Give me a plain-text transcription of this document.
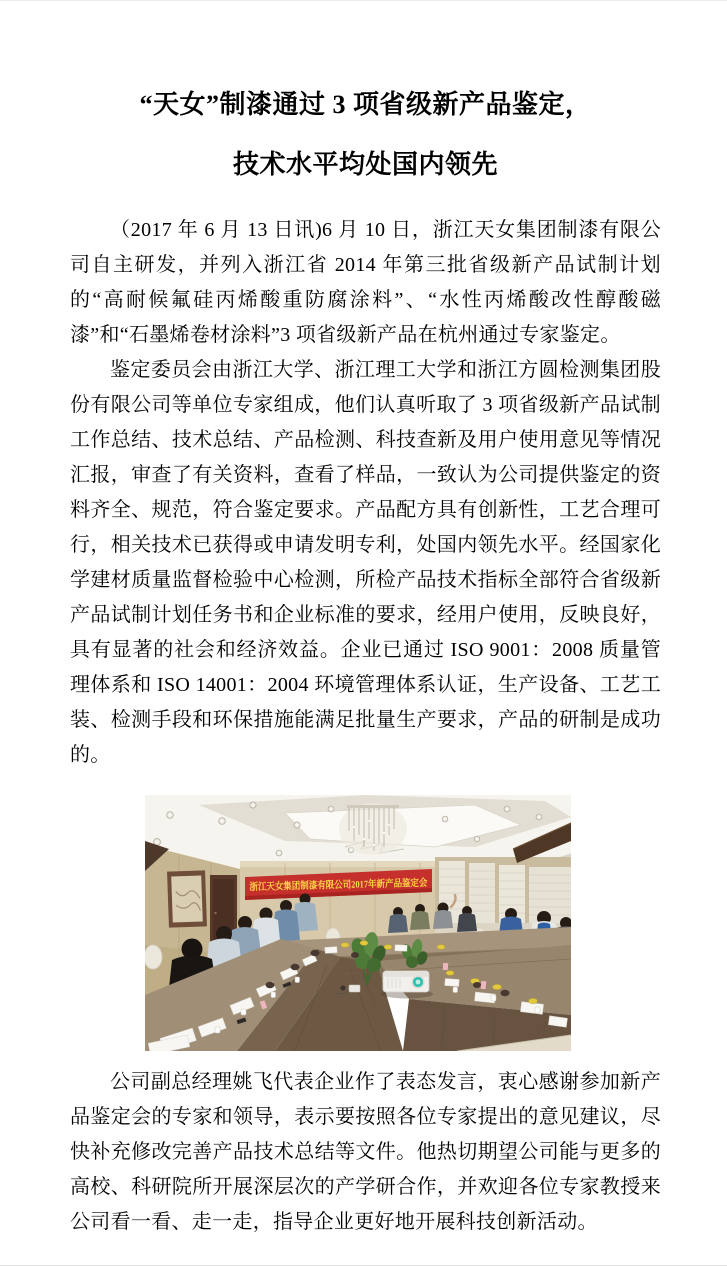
“天女”制漆通过 3 项省级新产品鉴定，
技术水平均处国内领先

（2017 年 6 月 13 日讯)6 月 10 日，浙江天女集团制漆有限公司自主研发，并列入浙江省 2014 年第三批省级新产品试制计划的“高耐候氟硅丙烯酸重防腐涂料”、“水性丙烯酸改性醇酸磁漆”和“石墨烯卷材涂料”3 项省级新产品在杭州通过专家鉴定。

鉴定委员会由浙江大学、浙江理工大学和浙江方圆检测集团股份有限公司等单位专家组成，他们认真听取了 3 项省级新产品试制工作总结、技术总结、产品检测、科技查新及用户使用意见等情况汇报，审查了有关资料，查看了样品，一致认为公司提供鉴定的资料齐全、规范，符合鉴定要求。产品配方具有创新性，工艺合理可行，相关技术已获得或申请发明专利，处国内领先水平。经国家化学建材质量监督检验中心检测，所检产品技术指标全部符合省级新产品试制计划任务书和企业标准的要求，经用户使用，反映良好，具有显著的社会和经济效益。企业已通过 ISO 9001：2008 质量管理体系和 ISO 14001：2004 环境管理体系认证，生产设备、工艺工装、检测手段和环保措施能满足批量生产要求，产品的研制是成功的。

浙江天女集团制漆有限公司2017年新产品鉴定会

公司副总经理姚飞代表企业作了表态发言，衷心感谢参加新产品鉴定会的专家和领导，表示要按照各位专家提出的意见建议，尽快补充修改完善产品技术总结等文件。他热切期望公司能与更多的高校、科研院所开展深层次的产学研合作，并欢迎各位专家教授来公司看一看、走一走，指导企业更好地开展科技创新活动。
